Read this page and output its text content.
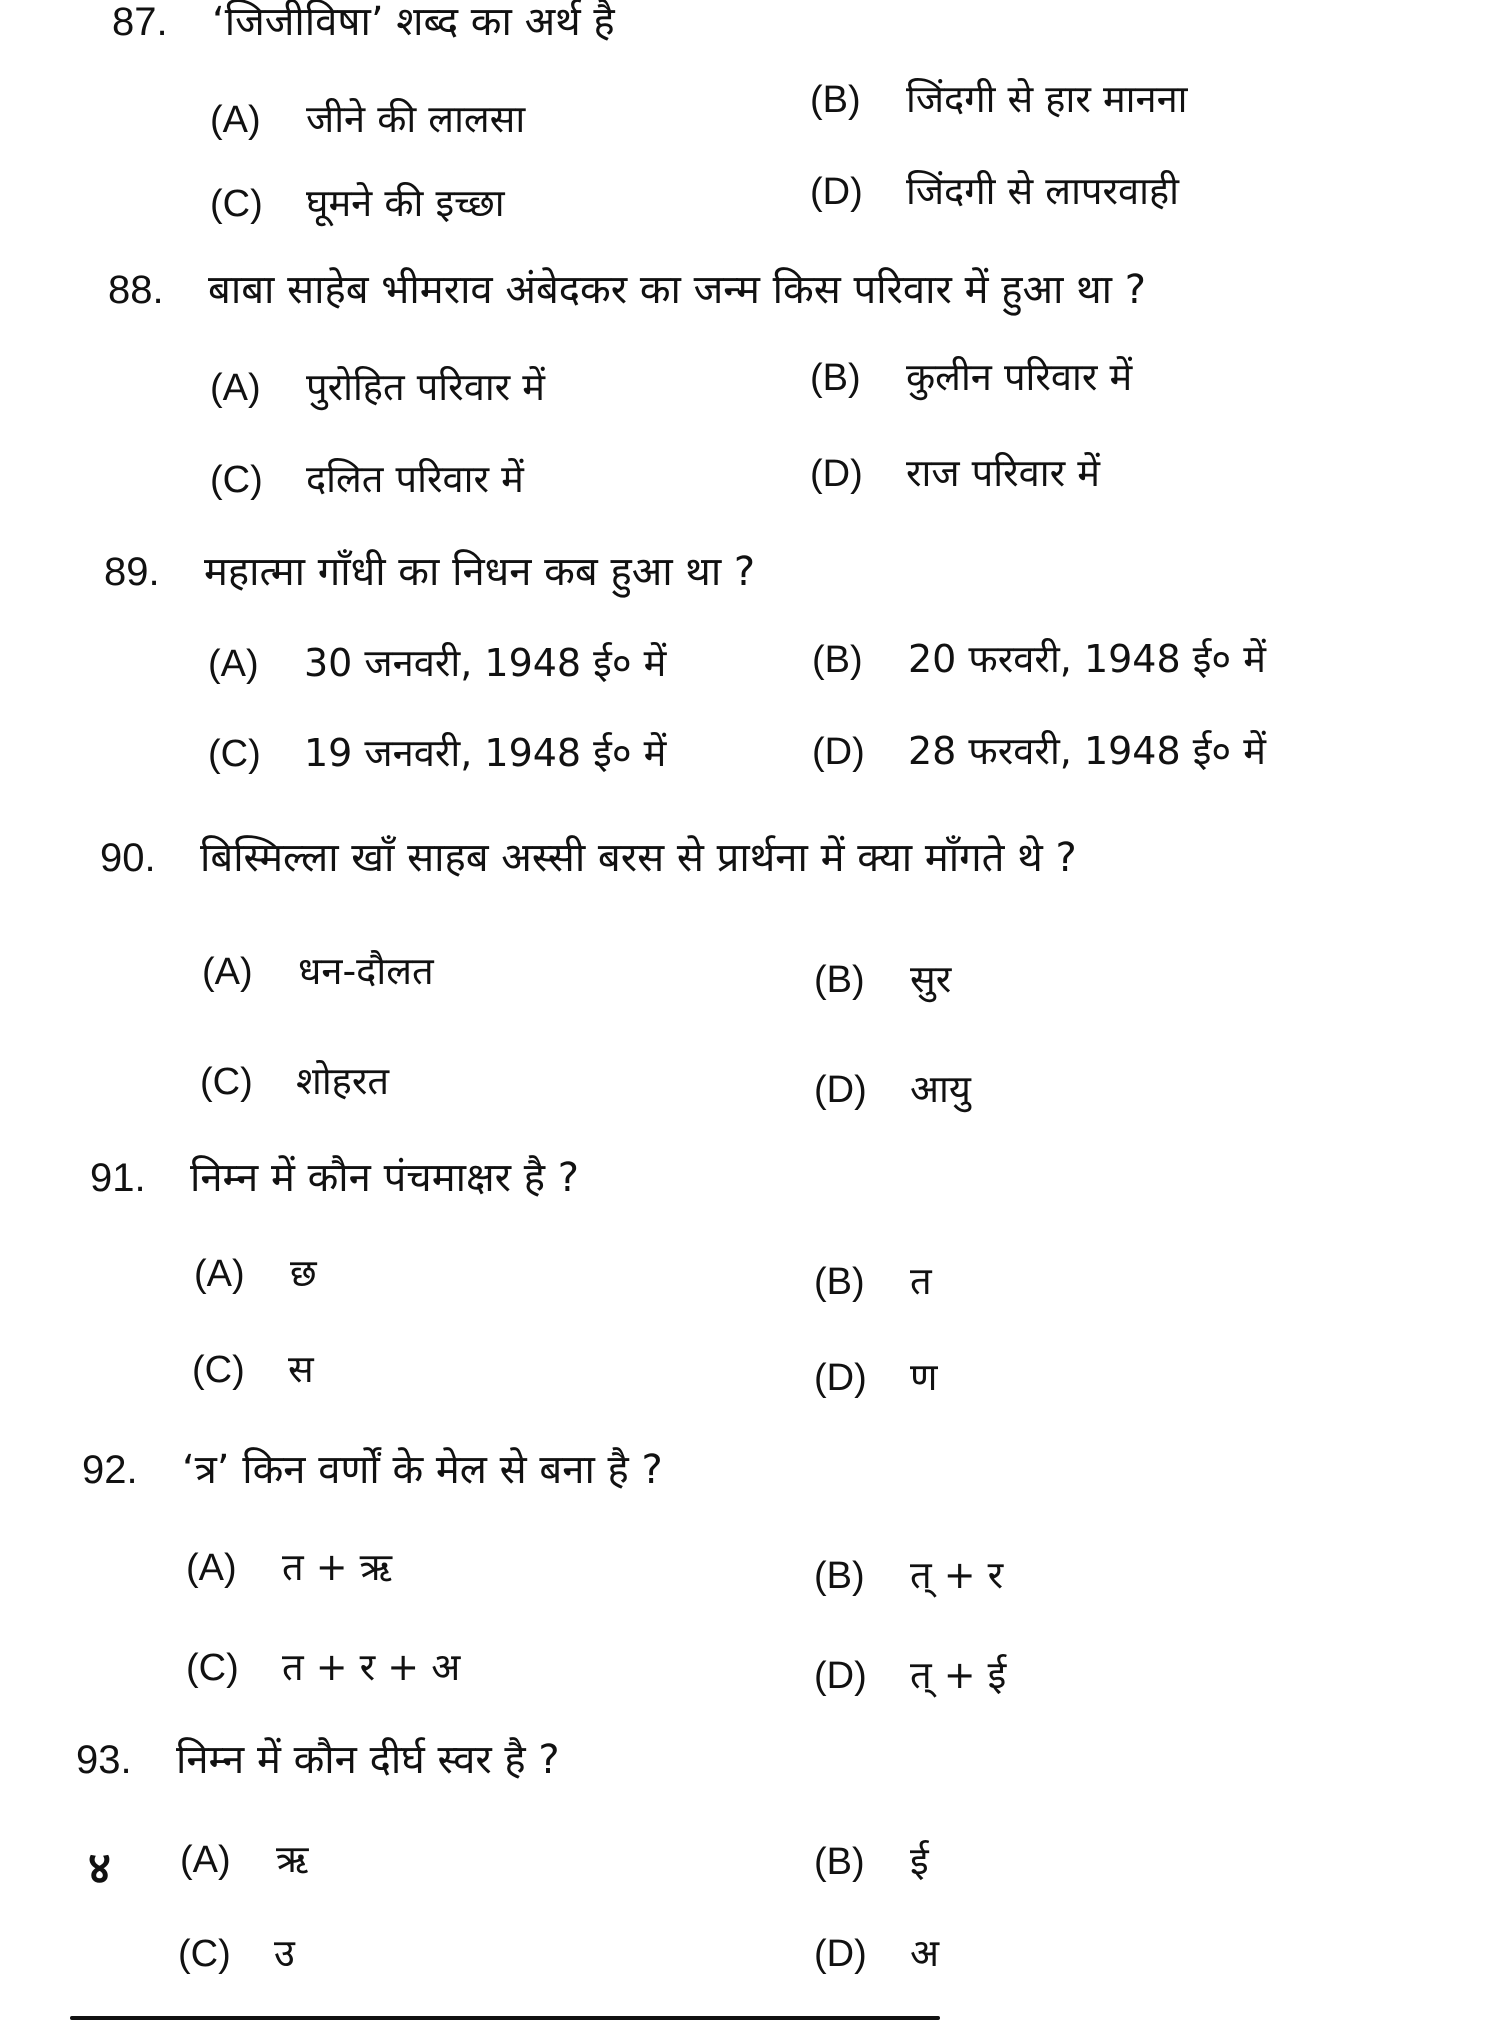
87. ‘जिजीविषा’ शब्द का अर्थ है
(A) जीने की लालसा	(B) जिंदगी से हार मानना
(C) घूमने की इच्छा	(D) जिंदगी से लापरवाही
88. बाबा साहेब भीमराव अंबेदकर का जन्म किस परिवार में हुआ था ?
(A) पुरोहित परिवार में	(B) कुलीन परिवार में
(C) दलित परिवार में	(D) राज परिवार में
89. महात्मा गाँधी का निधन कब हुआ था ?
(A) 30 जनवरी, 1948 ई० में	(B) 20 फरवरी, 1948 ई० में
(C) 19 जनवरी, 1948 ई० में	(D) 28 फरवरी, 1948 ई० में
90. बिस्मिल्ला खाँ साहब अस्सी बरस से प्रार्थना में क्या माँगते थे ?
(A) धन-दौलत	(B) सुर
(C) शोहरत	(D) आयु
91. निम्न में कौन पंचमाक्षर है ?
(A) छ	(B) त
(C) स	(D) ण
92. ‘त्र’ किन वर्णों के मेल से बना है ?
(A) त + ऋ	(B) त् + र
(C) त + र + अ	(D) त् + ई
93. निम्न में कौन दीर्घ स्वर है ?
४ (A) ऋ	(B) ई
(C) उ	(D) अ
